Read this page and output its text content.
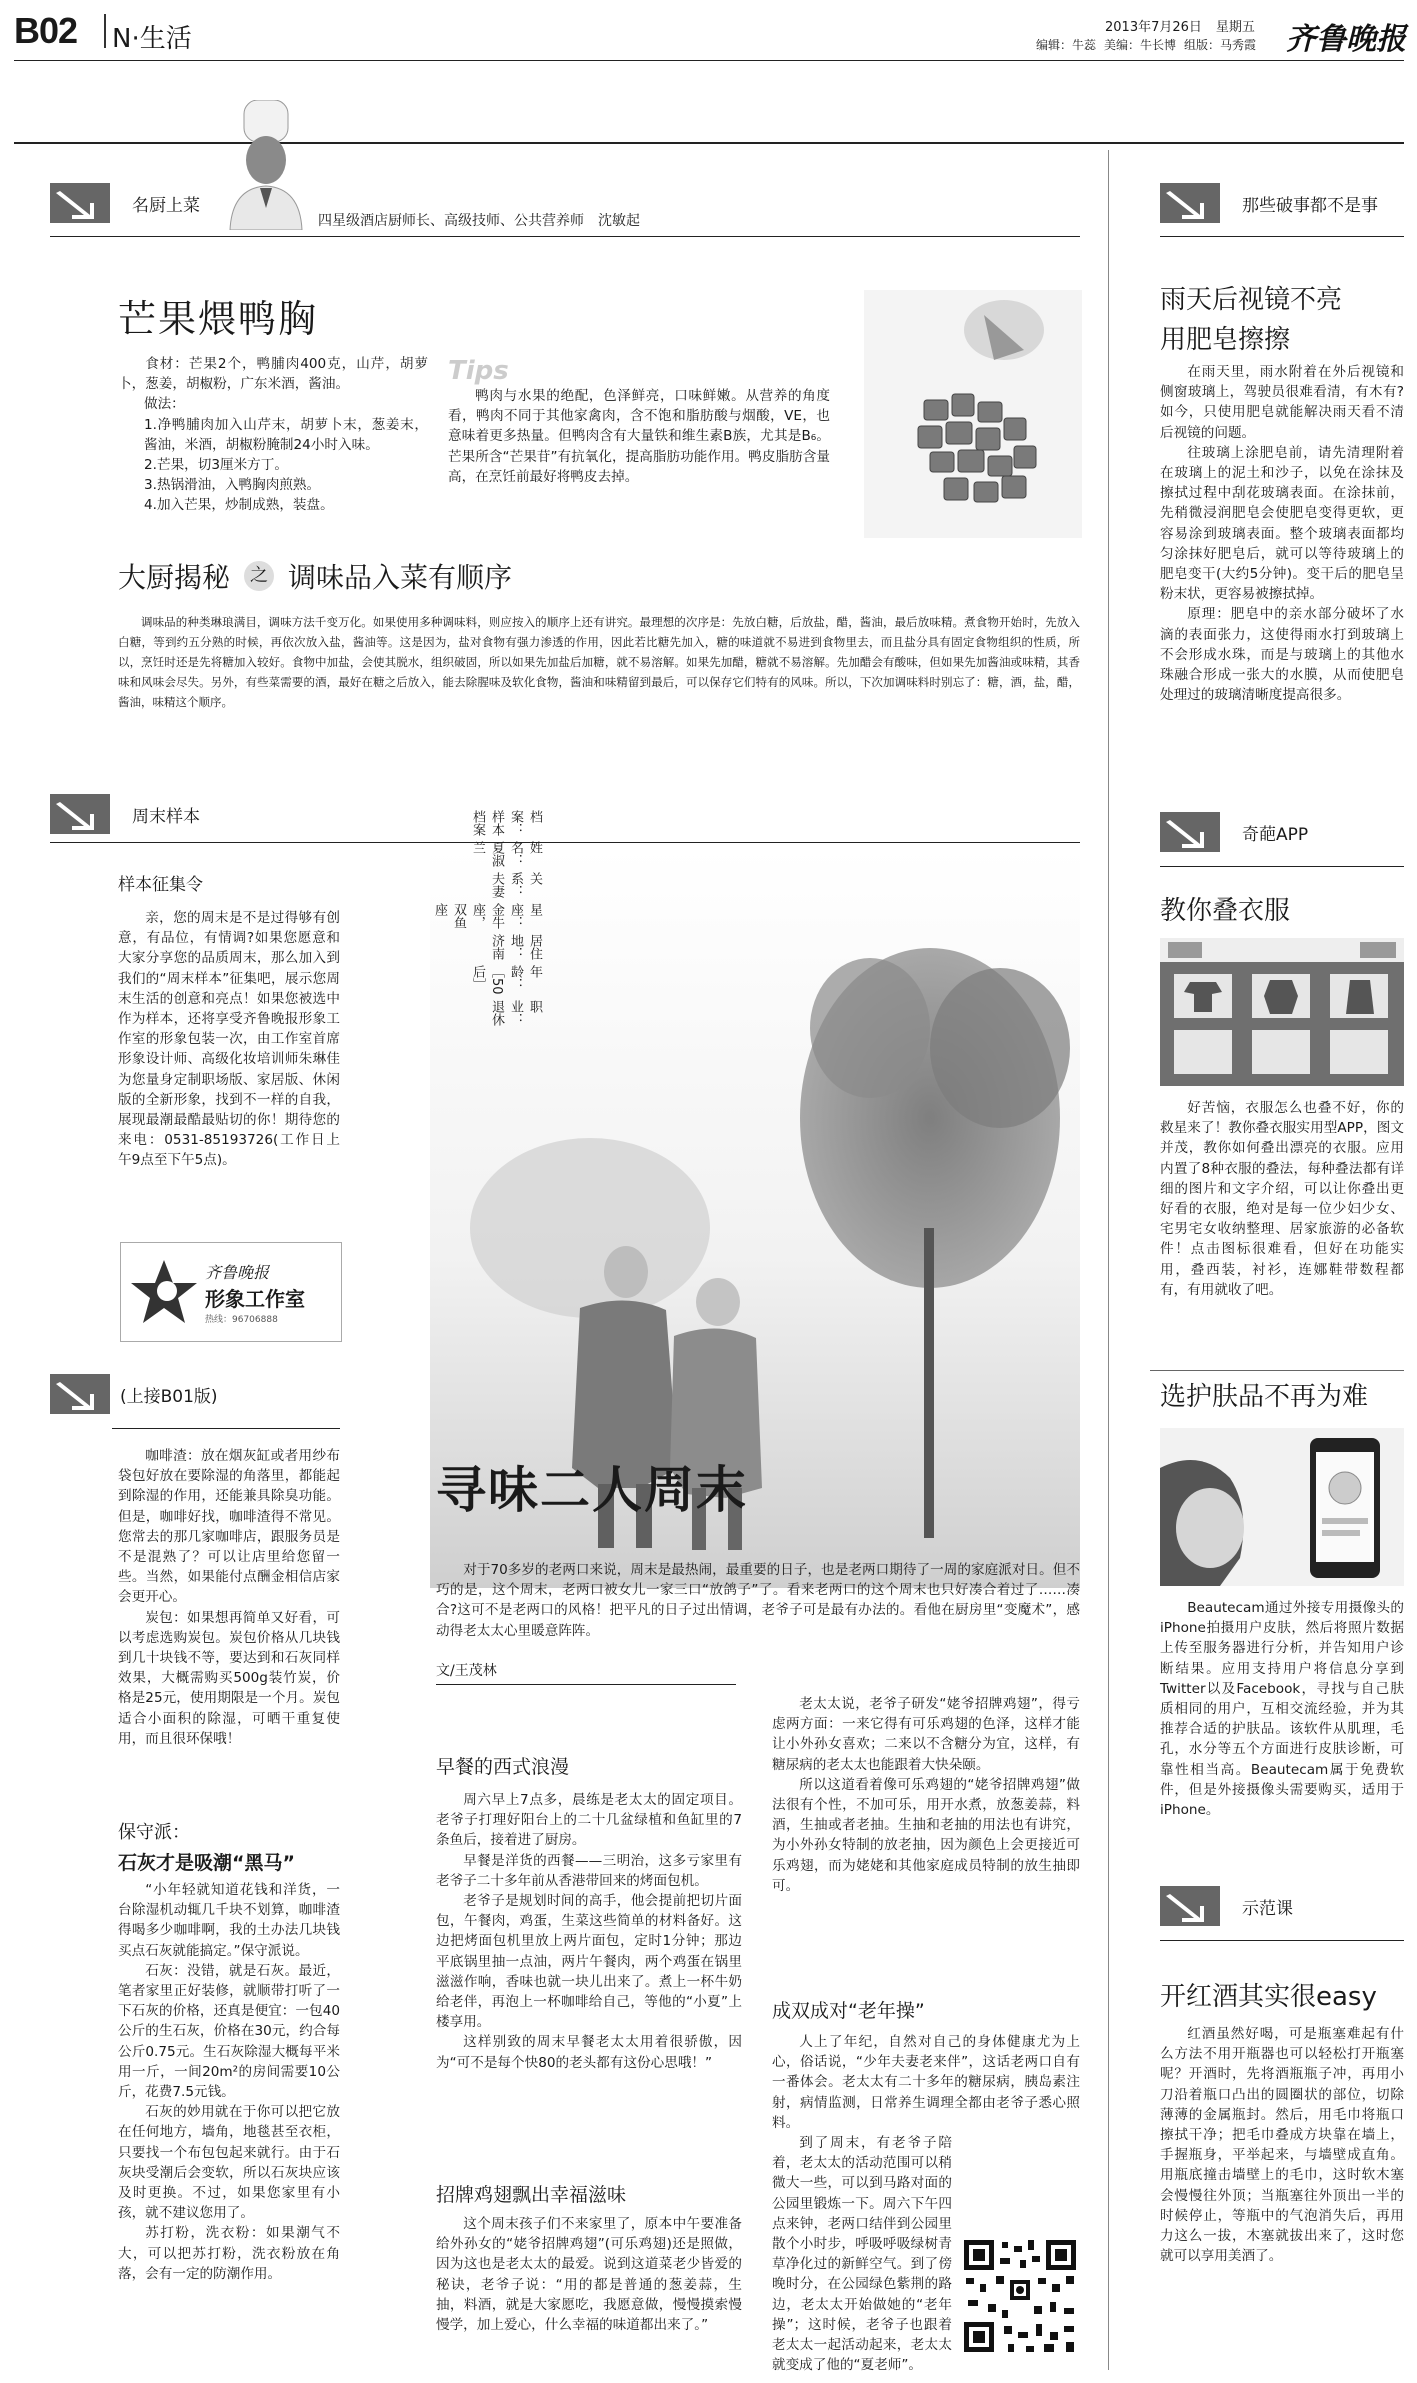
B02 N·生活	2013年7月26日 星期五
编辑：牛蕊 美编：牛长博 组版：马秀霞 齐鲁晚报
名厨上菜
四星级酒店厨师长、高级技师、公共营养师　沈敏起
芒果煨鸭胸

食材：芒果2个，鸭脯肉400克，山芹，胡萝卜，葱姜，胡椒粉，广东米酒，酱油。

做法：
1.净鸭脯肉加入山芹末，胡萝卜末，葱姜末，酱油，米酒，胡椒粉腌制24小时入味。
2.芒果，切3厘米方丁。
3.热锅滑油，入鸭胸肉煎熟。
4.加入芒果，炒制成熟，装盘。
Tips

鸭肉与水果的绝配，色泽鲜亮，口味鲜嫩。从营养的角度看，鸭肉不同于其他家禽肉，含不饱和脂肪酸与烟酸，VE，也意味着更多热量。但鸭肉含有大量铁和维生素B族，尤其是B₆。芒果所含“芒果苷”有抗氧化，提高脂肪功能作用。鸭皮脂肪含量高，在烹饪前最好将鸭皮去掉。

大厨揭秘	之 调味品入菜有顺序

调味品的种类琳琅满目，调味方法千变万化。如果使用多种调味料，则应按入的顺序上还有讲究。最理想的次序是：先放白糖，后放盐，醋，酱油，最后放味精。煮食物开始时，先放入白糖，等到约五分熟的时候，再依次放入盐，酱油等。这是因为，盐对食物有强力渗透的作用，因此若比糖先加入，糖的味道就不易进到食物里去，而且盐分具有固定食物组织的性质，所以，烹饪时还是先将糖加入较好。食物中加盐，会使其脱水，组织破固，所以如果先加盐后加糖，就不易溶解。如果先加醋，糖就不易溶解。先加醋会有酸味，但如果先加酱油或味精，其香味和风味会尽失。另外，有些菜需要的酒，最好在糖之后放入，能去除腥味及软化食物，酱油和味精留到最后，可以保存它们特有的风味。所以，下次加调味料时别忘了：糖，酒，盐，醋，酱油，味精这个顺序。

那些破事都不是事
雨天后视镜不亮用肥皂擦擦

在雨天里，雨水附着在外后视镜和侧窗玻璃上，驾驶员很难看清，有木有?如今，只使用肥皂就能解决雨天看不清后视镜的问题。

往玻璃上涂肥皂前，请先清理附着在玻璃上的泥土和沙子，以免在涂抹及擦拭过程中刮花玻璃表面。在涂抹前，先稍微浸润肥皂会使肥皂变得更软，更容易涂到玻璃表面。整个玻璃表面都均匀涂抹好肥皂后，就可以等待玻璃上的肥皂变干(大约5分钟)。变干后的肥皂呈粉末状，更容易被擦拭掉。

原理：肥皂中的亲水部分破坏了水滴的表面张力，这使得雨水打到玻璃上不会形成水珠，而是与玻璃上的其他水珠融合形成一张大的水膜，从而使肥皂处理过的玻璃清晰度提高很多。

奇葩APP
教你叠衣服

好苦恼，衣服怎么也叠不好，你的救星来了！教你叠衣服实用型APP，图文并茂，教你如何叠出漂亮的衣服。应用内置了8种衣服的叠法，每种叠法都有详细的图片和文字介绍，可以让你叠出更好看的衣服，绝对是每一位少妇少女、宅男宅女收纳整理、居家旅游的必备软件！点击图标很难看，但好在功能实用，叠西装，衬衫，连娜鞋带数程都有，有用就收了吧。

选护肤品不再为难

Beautecam通过外接专用摄像头的iPhone拍摄用户皮肤，然后将照片数据上传至服务器进行分析，并告知用户诊断结果。应用支持用户将信息分享到Twitter以及Facebook，寻找与自己肤质相同的用户，互相交流经验，并为其推荐合适的护肤品。该软件从肌理，毛孔，水分等五个方面进行皮肤诊断，可靠性相当高。Beautecam属于免费软件，但是外接摄像头需要购买，适用于iPhone。

示范课
开红酒其实很easy

红酒虽然好喝，可是瓶塞难起有什么方法不用开瓶器也可以轻松打开瓶塞呢？开酒时，先将酒瓶瓶子冲，再用小刀沿着瓶口凸出的圆圈状的部位，切除薄薄的金属瓶封。然后，用毛巾将瓶口擦拭干净；把毛巾叠成方块靠在墙上，手握瓶身，平举起来，与墙壁成直角。用瓶底撞击墙壁上的毛巾，这时软木塞会慢慢往外顶；当瓶塞往外顶出一半的时候停止，等瓶中的气泡消失后，再用力这么一拔，木塞就拔出来了，这时您就可以享用美酒了。

周末样本
样本征集令

亲，您的周末是不是过得够有创意，有品位，有情调?如果您愿意和大家分享您的品质周末，那么加入到我们的“周末样本”征集吧，展示您周末生活的创意和亮点！如果您被选中作为样本，还将享受齐鲁晚报形象工作室的形象包装一次，由工作室首席形象设计师、高级化妆培训师朱琳佳为您量身定制职场版、家居版、休闲版的全新形象，找到不一样的自我，展现最潮最酷最贴切的你！期待您的来电：0531-85193726(工作日上午9点至下午5点)。

齐鲁晚报
形象工作室
热线：96706888
(上接B01版)

咖啡渣：放在烟灰缸或者用纱布袋包好放在要除湿的角落里，都能起到除湿的作用，还能兼具除臭功能。但是，咖啡好找，咖啡渣得不常见。您常去的那几家咖啡店，跟服务员是不是混熟了？可以让店里给您留一些。当然，如果能付点酬金相信店家会更开心。

炭包：如果想再简单又好看，可以考虑选购炭包。炭包价格从几块钱到几十块钱不等，要达到和石灰同样效果，大概需购买500g装竹炭，价格是25元，使用期限是一个月。炭包适合小面积的除湿，可晒干重复使用，而且很环保哦！

保守派：
石灰才是吸潮“黑马”

“小年轻就知道花钱和洋货，一台除湿机动辄几千块不划算，咖啡渣得喝多少咖啡啊，我的土办法几块钱买点石灰就能搞定。”保守派说。

石灰：没错，就是石灰。最近，笔者家里正好装修，就顺带打听了一下石灰的价格，还真是便宜：一包40公斤的生石灰，价格在30元，约合每公斤0.75元。生石灰除湿大概每平米用一斤，一间20m²的房间需要10公斤，花费7.5元钱。

石灰的妙用就在于你可以把它放在任何地方，墙角，地毯甚至衣柜，只要找一个布包包起来就行。由于石灰块受潮后会变软，所以石灰块应该及时更换。不过，如果您家里有小孩，就不建议您用了。

苏打粉，洗衣粉：如果潮气不大，可以把苏打粉，洗衣粉放在角落，会有一定的防潮作用。

寻味二人周末

对于70多岁的老两口来说，周末是最热闹，最重要的日子，也是老两口期待了一周的家庭派对日。但不巧的是，这个周末，老两口被女儿一家三口“放鸽子”了。看来老两口的这个周末也只好凑合着过了……凑合?这可不是老两口的风格！把平凡的日子过出情调，老爷子可是最有办法的。看他在厨房里“变魔术”，感动得老太太心里暖意阵阵。

文/王茂林
早餐的西式浪漫

周六早上7点多，晨练是老太太的固定项目。老爷子打理好阳台上的二十几盆绿植和鱼缸里的7条鱼后，接着进了厨房。

早餐是洋货的西餐——三明治，这多亏家里有老爷子二十多年前从香港带回来的烤面包机。

老爷子是规划时间的高手，他会提前把切片面包，午餐肉，鸡蛋，生菜这些简单的材料备好。这边把烤面包机里放上两片面包，定时1分钟；那边平底锅里抽一点油，两片午餐肉，两个鸡蛋在锅里滋滋作响，香味也就一块儿出来了。煮上一杯牛奶给老伴，再泡上一杯咖啡给自己，等他的“小夏”上楼享用。

这样别致的周末早餐老太太用着很骄傲，因为“可不是每个快80的老头都有这份心思哦！”

招牌鸡翅飘出幸福滋味

这个周末孩子们不来家里了，原本中午要准备给外孙女的“姥爷招牌鸡翅”(可乐鸡翅)还是照做，因为这也是老太太的最爱。说到这道菜老少皆爱的秘诀，老爷子说：“用的都是普通的葱姜蒜，生抽，料酒，就是大家愿吃，我愿意做，慢慢摸索慢慢学，加上爱心，什么幸福的味道都出来了。”

老太太说，老爷子研发“姥爷招牌鸡翅”，得亏虑两方面：一来它得有可乐鸡翅的色泽，这样才能让小外孙女喜欢；二来以不含糖分为宜，这样，有糖尿病的老太太也能跟着大快朵颐。

所以这道看着像可乐鸡翅的“姥爷招牌鸡翅”做法很有个性，不加可乐，用开水煮，放葱姜蒜，料酒，生抽或者老抽。生抽和老抽的用法也有讲究，为小外孙女特制的放老抽，因为颜色上会更接近可乐鸡翅，而为姥姥和其他家庭成员特制的放生抽即可。

成双成对“老年操”

人上了年纪，自然对自己的身体健康尤为上心，俗话说，“少年夫妻老来伴”，这话老两口自有一番体会。老太太有二十多年的糖尿病，胰岛素注射，病情监测，日常养生调理全都由老爷子悉心照料。

到了周末，有老爷子陪着，老太太的活动范围可以稍微大一些，可以到马路对面的公园里锻炼一下。周六下午四点来钟，老两口结伴到公园里散个小时步，呼吸呼吸绿树青草净化过的新鲜空气。到了傍晚时分，在公园绿色紫荆的路边，老太太开始做她的“老年操”；这时候，老爷子也跟着老太太一起活动起来，老太太就变成了他的“夏老师”。

职业：退休
年龄：［50后］
居住地：济南
星座：金牛座，双鱼座
关系：夫妻
姓名：夏淑兰
档案：样本档案
